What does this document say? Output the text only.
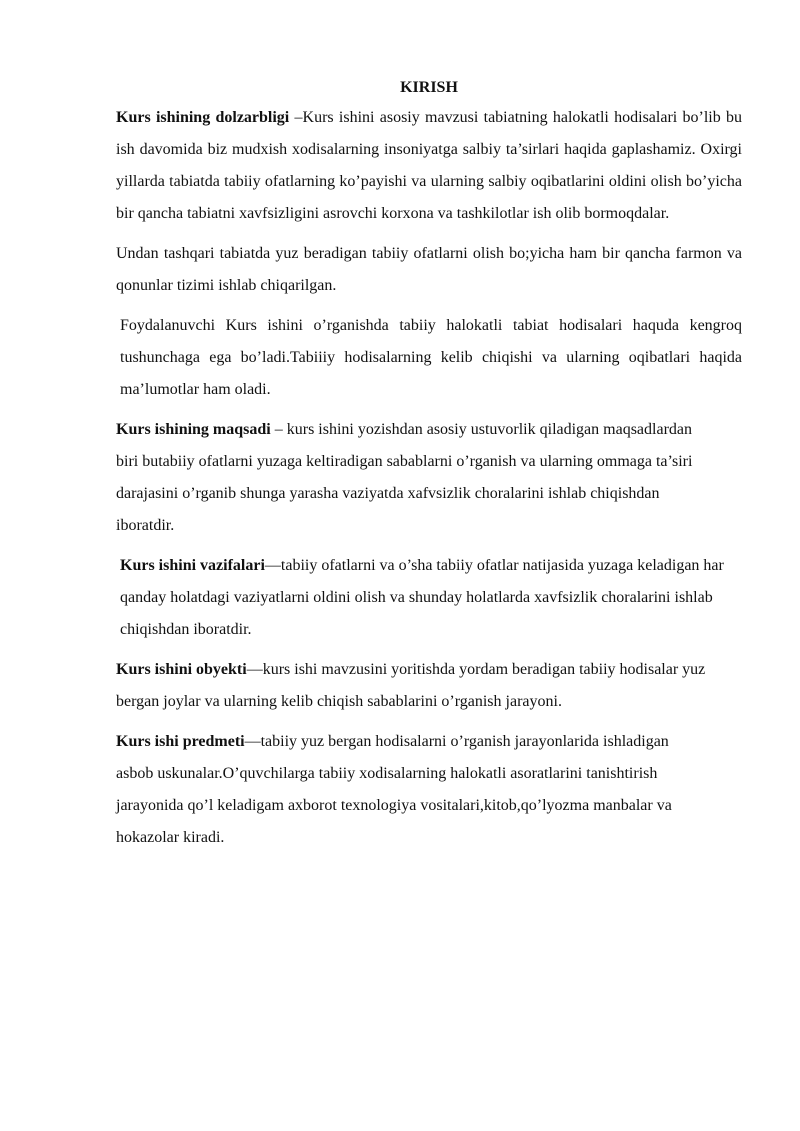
KIRISH

Kurs ishining dolzarbligi –Kurs ishini asosiy mavzusi tabiatning halokatli hodisalari bo’lib bu ish davomida biz mudxish xodisalarning insoniyatga salbiy ta’sirlari haqida gaplashamiz. Oxirgi yillarda tabiatda tabiiy ofatlarning ko’payishi va ularning salbiy oqibatlarini oldini olish bo’yicha bir qancha tabiatni xavfsizligini asrovchi korxona va tashkilotlar ish olib bormoqdalar.

Undan tashqari tabiatda yuz beradigan tabiiy ofatlarni olish bo;yicha ham bir qancha farmon va qonunlar tizimi ishlab chiqarilgan.

Foydalanuvchi Kurs ishini o’rganishda tabiiy halokatli tabiat hodisalari haquda kengroq tushunchaga ega bo’ladi.Tabiiiy hodisalarning kelib chiqishi va ularning oqibatlari haqida ma’lumotlar ham oladi.

Kurs ishining maqsadi – kurs ishini yozishdan asosiy ustuvorlik qiladigan maqsadlardan biri butabiiy ofatlarni yuzaga keltiradigan sabablarni o’rganish va ularning ommaga ta’siri darajasini o’rganib shunga yarasha vaziyatda xafvsizlik choralarini ishlab chiqishdan iboratdir.

Kurs ishini vazifalari—tabiiy ofatlarni va o’sha tabiiy ofatlar natijasida yuzaga keladigan har qanday holatdagi vaziyatlarni oldini olish va shunday holatlarda xavfsizlik choralarini ishlab chiqishdan iboratdir.

Kurs ishini obyekti—kurs ishi mavzusini yoritishda yordam beradigan tabiiy hodisalar yuz bergan joylar va ularning kelib chiqish sabablarini o’rganish jarayoni.

Kurs ishi predmeti—tabiiy yuz bergan hodisalarni o’rganish jarayonlarida ishladigan asbob uskunalar.O’quvchilarga tabiiy xodisalarning halokatli asoratlarini tanishtirish jarayonida qo’l keladigam axborot texnologiya vositalari,kitob,qo’lyozma manbalar va hokazolar kiradi.
